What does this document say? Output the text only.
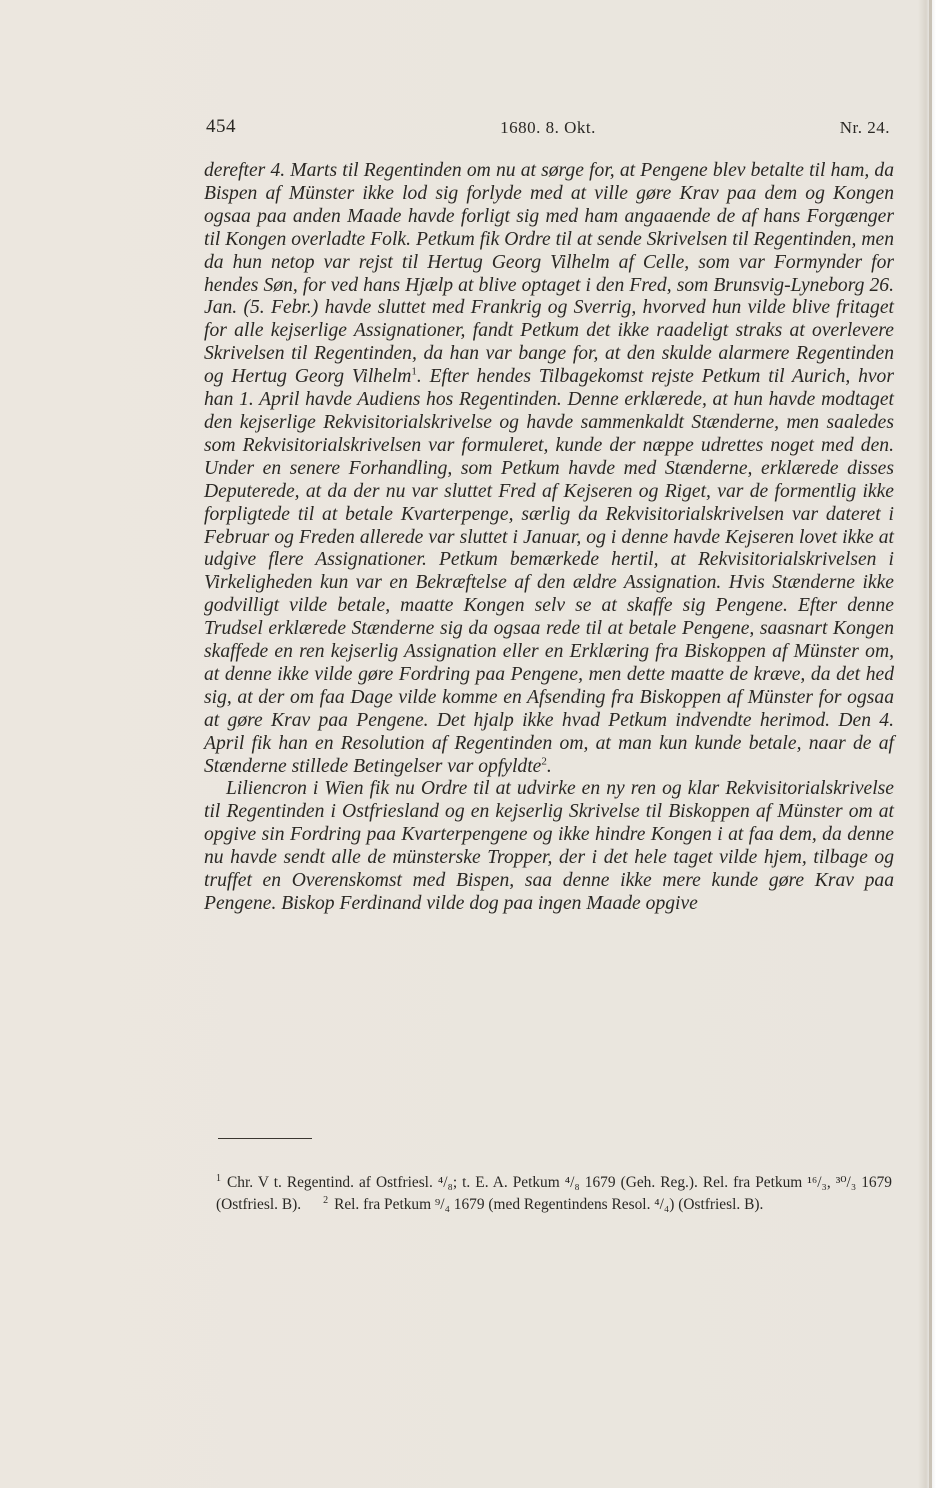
454	1680. 8. Okt.	Nr. 24.

derefter 4. Marts til Regentinden om nu at sørge for, at Pengene blev betalte til ham, da Bispen af Münster ikke lod sig forlyde med at ville gøre Krav paa dem og Kongen ogsaa paa anden Maade havde forligt sig med ham angaaende de af hans Forgænger til Kongen overladte Folk. Petkum fik Ordre til at sende Skrivelsen til Regentinden, men da hun netop var rejst til Hertug Georg Vilhelm af Celle, som var Formynder for hendes Søn, for ved hans Hjælp at blive optaget i den Fred, som Brunsvig-Lyneborg 26. Jan. (5. Febr.) havde sluttet med Frankrig og Sverrig, hvorved hun vilde blive fritaget for alle kejserlige Assignationer, fandt Petkum det ikke raadeligt straks at overlevere Skrivelsen til Regentinden, da han var bange for, at den skulde alarmere Regentinden og Hertug Georg Vilhelm$^1$. Efter hendes Tilbagekomst rejste Petkum til Aurich, hvor han 1. April havde Audiens hos Regentinden. Denne erklærede, at hun havde modtaget den kejserlige Rekvisitorialskrivelse og havde sammenkaldt Stænderne, men saaledes som Rekvisitorialskrivelsen var formuleret, kunde der næppe udrettes noget med den. Under en senere Forhandling, som Petkum havde med Stænderne, erklærede disses Deputerede, at da der nu var sluttet Fred af Kejseren og Riget, var de formentlig ikke forpligtede til at betale Kvarterpenge, særlig da Rekvisitorialskrivelsen var dateret i Februar og Freden allerede var sluttet i Januar, og i denne havde Kejseren lovet ikke at udgive flere Assignationer. Petkum bemærkede hertil, at Rekvisitorialskrivelsen i Virkeligheden kun var en Bekræftelse af den ældre Assignation. Hvis Stænderne ikke godvilligt vilde betale, maatte Kongen selv se at skaffe sig Pengene. Efter denne Trudsel erklærede Stænderne sig da ogsaa rede til at betale Pengene, saasnart Kongen skaffede en ren kejserlig Assignation eller en Erklæring fra Biskoppen af Münster om, at denne ikke vilde gøre Fordring paa Pengene, men dette maatte de kræve, da det hed sig, at der om faa Dage vilde komme en Afsending fra Biskoppen af Münster for ogsaa at gøre Krav paa Pengene. Det hjalp ikke hvad Petkum indvendte herimod. Den 4. April fik han en Resolution af Regentinden om, at man kun kunde betale, naar de af Stænderne stillede Betingelser var opfyldte$^2$.

Liliencron i Wien fik nu Ordre til at udvirke en ny ren og klar Rekvisitorialskrivelse til Regentinden i Ostfriesland og en kejserlig Skrivelse til Biskoppen af Münster om at opgive sin Fordring paa Kvarterpengene og ikke hindre Kongen i at faa dem, da denne nu havde sendt alle de münsterske Tropper, der i det hele taget vilde hjem, tilbage og truffet en Overenskomst med Bispen, saa denne ikke mere kunde gøre Krav paa Pengene. Biskop Ferdinand vilde dog paa ingen Maade opgive

$^1$ Chr. V t. Regentind. af Ostfriesl. ⁴/₈; t. E. A. Petkum ⁴/₈ 1679 (Geh. Reg.). Rel. fra Petkum ¹⁶/₃, ³⁰/₃ 1679 (Ostfriesl. B). $^2$ Rel. fra Petkum ⁹/₄ 1679 (med Regentindens Resol. ⁴/₄) (Ostfriesl. B).
